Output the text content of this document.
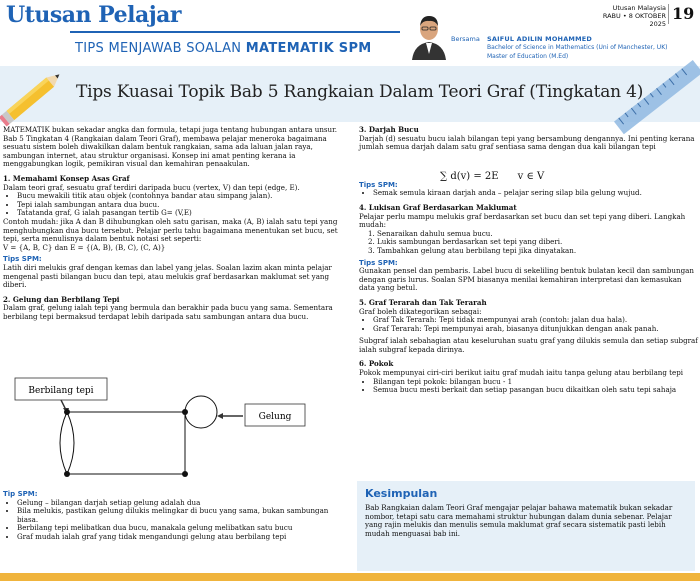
Utusan Pelajar	Utusan Malaysia
RABU • 8 OKTOBER 2025
19
TIPS MENJAWAB SOALAN MATEMATIK SPM
Bersama SAIFUL ADILIN MOHAMMED
Bachelor of Science in Mathematics (Uni of Manchester, UK)
Master of Education (M.Ed)
Tips Kuasai Topik Bab 5 Rangkaian Dalam Teori Graf (Tingkatan 4)

MATEMATIK bukan sekadar angka dan formula, tetapi juga tentang hubungan antara unsur. Bab 5 Tingkatan 4 (Rangkaian dalam Teori Graf), membawa pelajar meneroka bagaimana sesuatu sistem boleh diwakilkan dalam bentuk rangkaian, sama ada laluan jalan raya, sambungan internet, atau struktur organisasi. Konsep ini amat penting kerana ia menggabungkan logik, pemikiran visual dan kemahiran penaakulan.

1. Memahami Konsep Asas Graf

Dalam teori graf, sesuatu graf terdiri daripada bucu (vertex, V) dan tepi (edge, E).

• Bucu mewakili titik atau objek (contohnya bandar atau simpang jalan).
• Tepi ialah sambungan antara dua bucu.
• Tatatanda graf, G ialah pasangan tertib G= (V,E)

Contoh mudah: jika A dan B dihubungkan oleh satu garisan, maka (A, B) ialah satu tepi yang menghubungkan dua bucu tersebut. Pelajar perlu tahu bagaimana menentukan set bucu, set tepi, serta menulisnya dalam bentuk notasi set seperti:

V = {A, B, C} dan E = {(A, B), (B, C), (C, A)}

Tips SPM:

Latih diri melukis graf dengan kemas dan label yang jelas. Soalan lazim akan minta pelajar mengenal pasti bilangan bucu dan tepi, atau melukis graf berdasarkan maklumat set yang diberi.

2. Gelung dan Berbilang Tepi

Dalam graf, gelung ialah tepi yang bermula dan berakhir pada bucu yang sama. Sementara berbilang tepi bermaksud terdapat lebih daripada satu sambungan antara dua bucu.

Berbilang tepi
Gelung

Tip SPM:

• Gelung – bilangan darjah setiap gelung adalah dua
• Bila melukis, pastikan gelung dilukis melingkar di bucu yang sama, bukan sambungan biasa.
• Berbilang tepi melibatkan dua bucu, manakala gelung melibatkan satu bucu
• Graf mudah ialah graf yang tidak mengandungi gelung atau berbilang tepi

3. Darjah Bucu

Darjah (d) sesuatu bucu ialah bilangan tepi yang bersambung dengannya. Ini penting kerana jumlah semua darjah dalam satu graf sentiasa sama dengan dua kali bilangan tepi

Tips SPM:

• Semak semula kiraan darjah anda – pelajar sering silap bila gelung wujud.

4. Lukisan Graf Berdasarkan Maklumat

Pelajar perlu mampu melukis graf berdasarkan set bucu dan set tepi yang diberi. Langkah mudah:

1. Senaraikan dahulu semua bucu.
2. Lukis sambungan berdasarkan set tepi yang diberi.
3. Tambahkan gelung atau berbilang tepi jika dinyatakan.

Tips SPM:

Gunakan pensel dan pembaris. Label bucu di sekeliling bentuk bulatan kecil dan sambungan dengan garis lurus. Soalan SPM biasanya menilai kemahiran interpretasi dan kemasukan data yang betul.

5. Graf Terarah dan Tak Terarah

Graf boleh dikategorikan sebagai:

• Graf Tak Terarah: Tepi tidak mempunyai arah (contoh: jalan dua hala).
• Graf Terarah: Tepi mempunyai arah, biasanya ditunjukkan dengan anak panah.

Subgraf ialah sebahagian atau keseluruhan suatu graf yang dilukis semula dan setiap subgraf ialah subgraf kepada dirinya.

6. Pokok

Pokok mempunyai ciri-ciri berikut iaitu graf mudah iaitu tanpa gelung atau berbilang tepi

• Bilangan tepi pokok: bilangan bucu - 1
• Semua bucu mesti berkait dan setiap pasangan bucu dikaitkan oleh satu tepi sahaja
∑ d(v) = 2E      v ∈ V
Kesimpulan
Bab Rangkaian dalam Teori Graf mengajar pelajar bahawa matematik bukan sekadar nombor, tetapi satu cara memahami struktur hubungan dalam dunia sebenar. Pelajar yang rajin melukis dan menulis semula maklumat graf secara sistematik pasti lebih mudah menguasai bab ini.
